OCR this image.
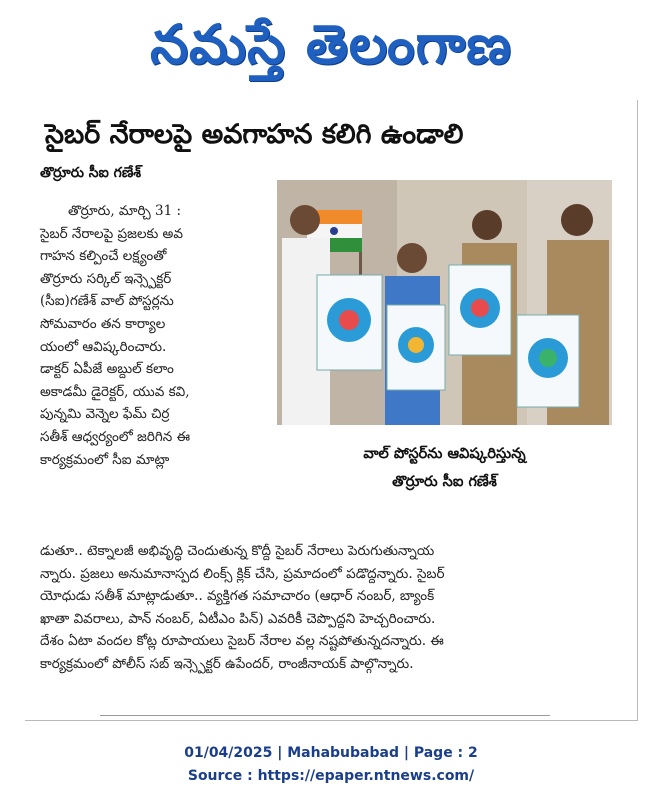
నమస్తే తెలంగాణ
సైబర్ నేరాలపై అవగాహన కలిగి ఉండాలి
తొర్రూరు సీఐ గణేశ్

తొర్రూరు, మార్చి 31 :
సైబర్ నేరాలపై ప్రజలకు అవ
గాహన కల్పించే లక్ష్యంతో
తొర్రూరు సర్కిల్ ఇన్స్పెక్టర్
(సీఐ)గణేశ్ వాల్ పోస్టర్లను
సోమవారం తన కార్యాల
యంలో ఆవిష్కరించారు.
డాక్టర్ ఏపీజే అబ్దుల్ కలాం
అకాడమీ డైరెక్టర్, యువ కవి,
పున్నమి వెన్నెల ఫేమ్ చిర్ర
సతీశ్ ఆధ్వర్యంలో జరిగిన ఈ
కార్యక్రమంలో సీఐ మాట్లా	వాల్ పోస్టర్‌ను ఆవిష్కరిస్తున్న
తొర్రూరు సీఐ గణేశ్

డుతూ.. టెక్నాలజీ అభివృద్ధి చెందుతున్న కొద్దీ సైబర్ నేరాలు పెరుగుతున్నాయ
న్నారు. ప్రజలు అనుమానాస్పద లింక్స్ క్లిక్ చేసి, ప్రమాదంలో పడొద్దన్నారు. సైబర్
యోధుడు సతీశ్ మాట్లాడుతూ.. వ్యక్తిగత సమాచారం (ఆధార్ నంబర్, బ్యాంక్
ఖాతా వివరాలు, పాన్ నంబర్, ఏటీఎం పిన్) ఎవరికీ చెప్పొద్దని హెచ్చరించారు.
దేశం ఏటా వందల కోట్ల రూపాయలు సైబర్ నేరాల వల్ల నష్టపోతున్నదన్నారు. ఈ
కార్యక్రమంలో పోలీస్ సబ్ ఇన్స్పెక్టర్ ఉపేందర్, రాంజీనాయక్ పాల్గొన్నారు.

01/04/2025 | Mahabubabad | Page : 2
Source : https://epaper.ntnews.com/
